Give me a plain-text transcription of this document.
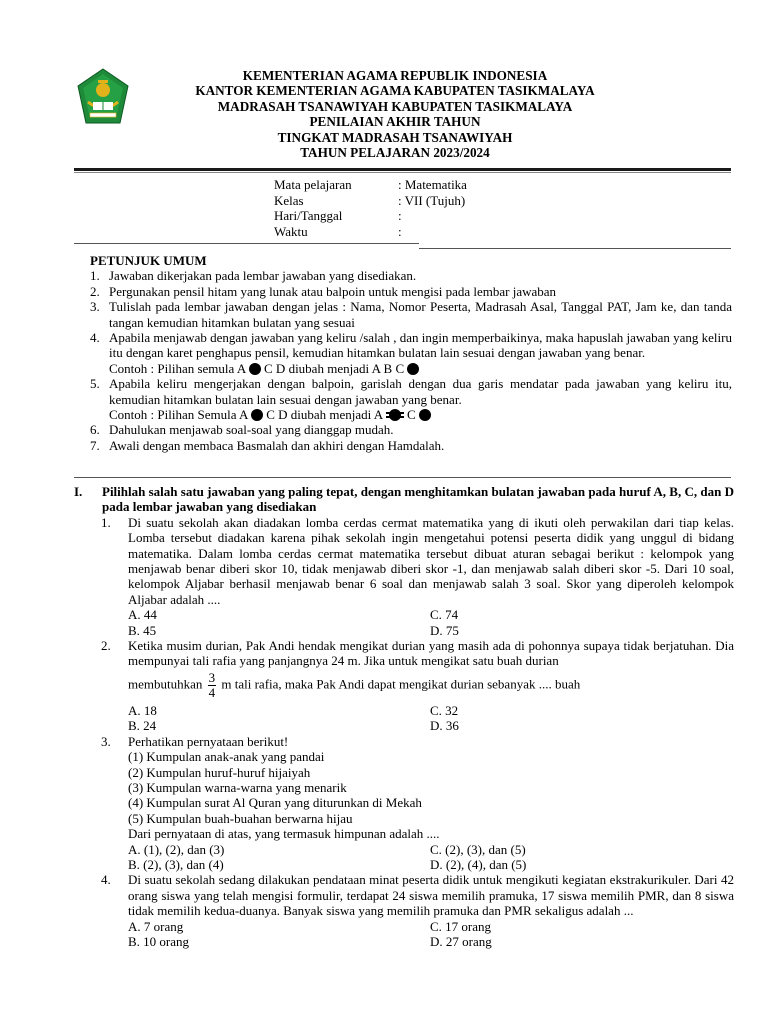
KEMENTERIAN AGAMA REPUBLIK INDONESIA
KANTOR KEMENTERIAN AGAMA KABUPATEN TASIKMALAYA
MADRASAH TSANAWIYAH KABUPATEN TASIKMALAYA
PENILAIAN AKHIR TAHUN
TINGKAT MADRASAH TSANAWIYAH
TAHUN PELAJARAN 2023/2024
Mata pelajaran	: Matematika
Kelas	: VII (Tujuh)
Hari/Tanggal	:
Waktu	:
PETUNJUK UMUM
1. Jawaban dikerjakan pada lembar jawaban yang disediakan.
2. Pergunakan pensil hitam yang lunak atau balpoin untuk mengisi pada lembar jawaban
3. Tulislah pada lembar jawaban dengan jelas : Nama, Nomor Peserta, Madrasah Asal, Tanggal PAT, Jam ke, dan tanda tangan kemudian hitamkan bulatan yang sesuai
4. Apabila menjawab dengan jawaban yang keliru /salah , dan ingin memperbaikinya, maka hapuslah jawaban yang keliru itu dengan karet penghapus pensil, kemudian hitamkan bulatan lain sesuai dengan jawaban yang benar.
Contoh : Pilihan semula A C D diubah menjadi A B C
5. Apabila keliru mengerjakan dengan balpoin, garislah dengan dua garis mendatar pada jawaban yang keliru itu, kemudian hitamkan bulatan lain sesuai dengan jawaban yang benar.
Contoh : Pilihan Semula A C D diubah menjadi A C
6. Dahulukan menjawab soal-soal yang dianggap mudah.
7. Awali dengan membaca Basmalah dan akhiri dengan Hamdalah.
I.	Pilihlah salah satu jawaban yang paling tepat, dengan menghitamkan bulatan jawaban pada huruf A, B, C, dan D pada lembar jawaban yang disediakan
1. Di suatu sekolah akan diadakan lomba cerdas cermat matematika yang di ikuti oleh perwakilan dari tiap kelas. Lomba tersebut diadakan karena pihak sekolah ingin mengetahui potensi peserta didik yang unggul di bidang matematika. Dalam lomba cerdas cermat matematika tersebut dibuat aturan sebagai berikut : kelompok yang menjawab benar diberi skor 10, tidak menjawab diberi skor -1, dan menjawab salah diberi skor -5. Dari 10 soal, kelompok Aljabar berhasil menjawab benar 6 soal dan menjawab salah 3 soal. Skor yang diperoleh kelompok Aljabar adalah ....
A. 44	C. 74
B. 45	D. 75
2. Ketika musim durian, Pak Andi hendak mengikat durian yang masih ada di pohonnya supaya tidak berjatuhan. Dia mempunyai tali rafia yang panjangnya 24 m. Jika untuk mengikat satu buah durian
membutuhkan $\frac{3}{4}$ m tali rafia, maka Pak Andi dapat mengikat durian sebanyak .... buah
A. 18	C. 32
B. 24	D. 36
3. Perhatikan pernyataan berikut!
(1) Kumpulan anak-anak yang pandai
(2) Kumpulan huruf-huruf hijaiyah
(3) Kumpulan warna-warna yang menarik
(4) Kumpulan surat Al Quran yang diturunkan di Mekah
(5) Kumpulan buah-buahan berwarna hijau
Dari pernyataan di atas, yang termasuk himpunan adalah ....
A. (1), (2), dan (3)	C. (2), (3), dan (5)
B. (2), (3), dan (4)	D. (2), (4), dan (5)
4. Di suatu sekolah sedang dilakukan pendataan minat peserta didik untuk mengikuti kegiatan ekstrakurikuler. Dari 42 orang siswa yang telah mengisi formulir, terdapat 24 siswa memilih pramuka, 17 siswa memilih PMR, dan 8 siswa tidak memilih kedua-duanya. Banyak siswa yang memilih pramuka dan PMR sekaligus adalah ...
A. 7 orang	C. 17 orang
B. 10 orang	D. 27 orang
